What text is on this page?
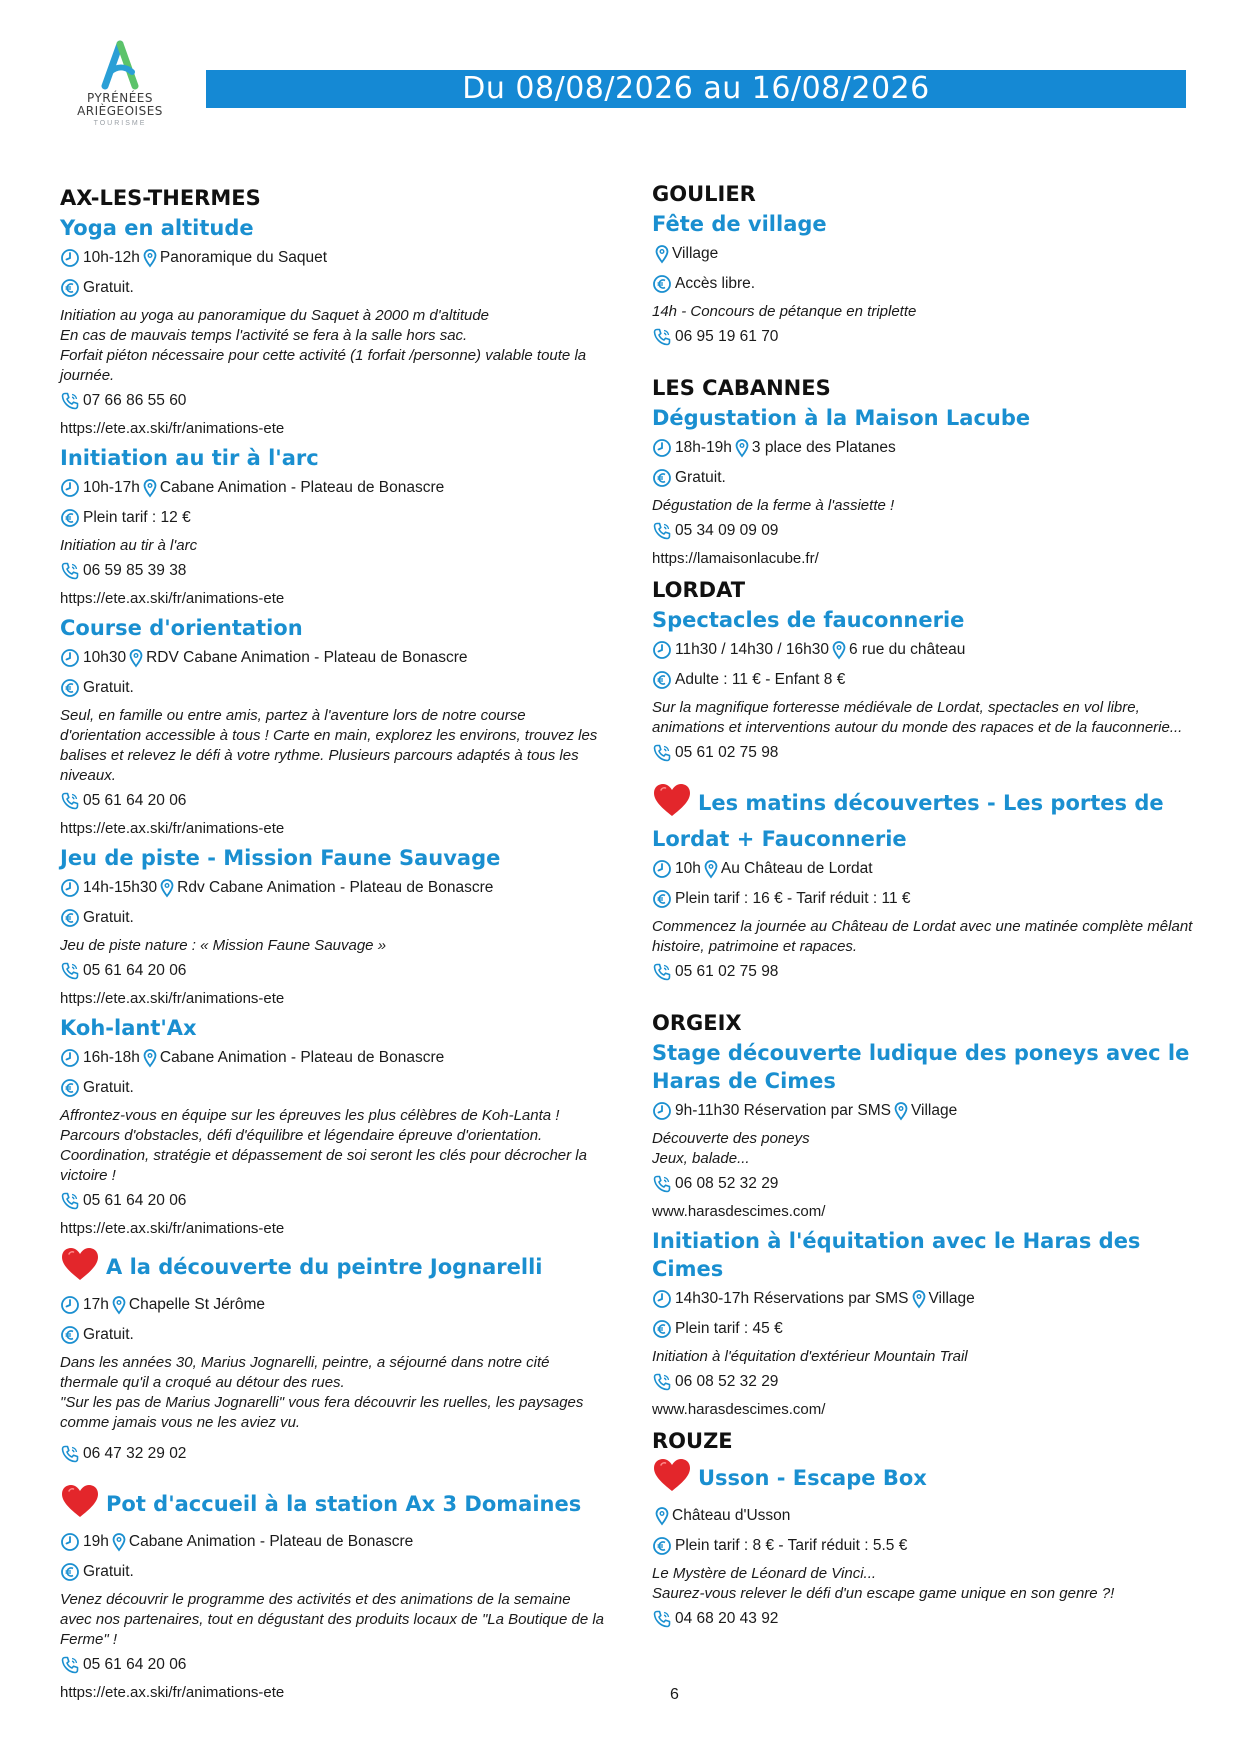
PYRÉNÉES
ARIÈGEOISES
TOURISME
Du 08/08/2026 au 16/08/2026
AX-LES-THERMES
Yoga en altitude
10h-12h Panoramique du Saquet
Gratuit.
Initiation au yoga au panoramique du Saquet à 2000 m d'altitude
En cas de mauvais temps l'activité se fera à la salle hors sac.
Forfait piéton nécessaire pour cette activité (1 forfait /personne) valable toute la journée.
07 66 86 55 60
https://ete.ax.ski/fr/animations-ete
Initiation au tir à l'arc
10h-17h Cabane Animation - Plateau de Bonascre
Plein tarif : 12 €
Initiation au tir à l'arc
06 59 85 39 38
https://ete.ax.ski/fr/animations-ete
Course d'orientation
10h30 RDV Cabane Animation - Plateau de Bonascre
Gratuit.
Seul, en famille ou entre amis, partez à l'aventure lors de notre course d'orientation accessible à tous ! Carte en main, explorez les environs, trouvez les balises et relevez le défi à votre rythme. Plusieurs parcours adaptés à tous les niveaux.
05 61 64 20 06
https://ete.ax.ski/fr/animations-ete
Jeu de piste - Mission Faune Sauvage
14h-15h30 Rdv Cabane Animation - Plateau de Bonascre
Gratuit.
Jeu de piste nature : « Mission Faune Sauvage »
05 61 64 20 06
https://ete.ax.ski/fr/animations-ete
Koh-lant'Ax
16h-18h Cabane Animation - Plateau de Bonascre
Gratuit.
Affrontez-vous en équipe sur les épreuves les plus célèbres de Koh-Lanta ! Parcours d'obstacles, défi d'équilibre et légendaire épreuve d'orientation. Coordination, stratégie et dépassement de soi seront les clés pour décrocher la victoire !
05 61 64 20 06
https://ete.ax.ski/fr/animations-ete
A la découverte du peintre Jognarelli
17h Chapelle St Jérôme
Gratuit.
Dans les années 30, Marius Jognarelli, peintre, a séjourné dans notre cité thermale qu'il a croqué au détour des rues.
"Sur les pas de Marius Jognarelli" vous fera découvrir les ruelles, les paysages comme jamais vous ne les aviez vu.
06 47 32 29 02
Pot d'accueil à la station Ax 3 Domaines
19h Cabane Animation - Plateau de Bonascre
Gratuit.
Venez découvrir le programme des activités et des animations de la semaine avec nos partenaires, tout en dégustant des produits locaux de "La Boutique de la Ferme" !
05 61 64 20 06
https://ete.ax.ski/fr/animations-ete
GOULIER
Fête de village
Village
Accès libre.
14h - Concours de pétanque en triplette
06 95 19 61 70
LES CABANNES
Dégustation à la Maison Lacube
18h-19h 3 place des Platanes
Gratuit.
Dégustation de la ferme à l'assiette !
05 34 09 09 09
https://lamaisonlacube.fr/
LORDAT
Spectacles de fauconnerie
11h30 / 14h30 / 16h30 6 rue du château
Adulte : 11 € - Enfant 8 €
Sur la magnifique forteresse médiévale de Lordat, spectacles en vol libre, animations et interventions autour du monde des rapaces et de la fauconnerie...
05 61 02 75 98
Les matins découvertes - Les portes de Lordat + Fauconnerie
10h Au Château de Lordat
Plein tarif : 16 € - Tarif réduit : 11 €
Commencez la journée au Château de Lordat avec une matinée complète mêlant histoire, patrimoine et rapaces.
05 61 02 75 98
ORGEIX
Stage découverte ludique des poneys avec le Haras de Cimes
9h-11h30 Réservation par SMS Village
Découverte des poneys
Jeux, balade...
06 08 52 32 29
www.harasdescimes.com/
Initiation à l'équitation avec le Haras des Cimes
14h30-17h Réservations par SMS Village
Plein tarif : 45 €
Initiation à l'équitation d'extérieur Mountain Trail
06 08 52 32 29
www.harasdescimes.com/
ROUZE
Usson - Escape Box
Château d'Usson
Plein tarif : 8 € - Tarif réduit : 5.5 €
Le Mystère de Léonard de Vinci...
Saurez-vous relever le défi d'un escape game unique en son genre ?!
04 68 20 43 92
6
